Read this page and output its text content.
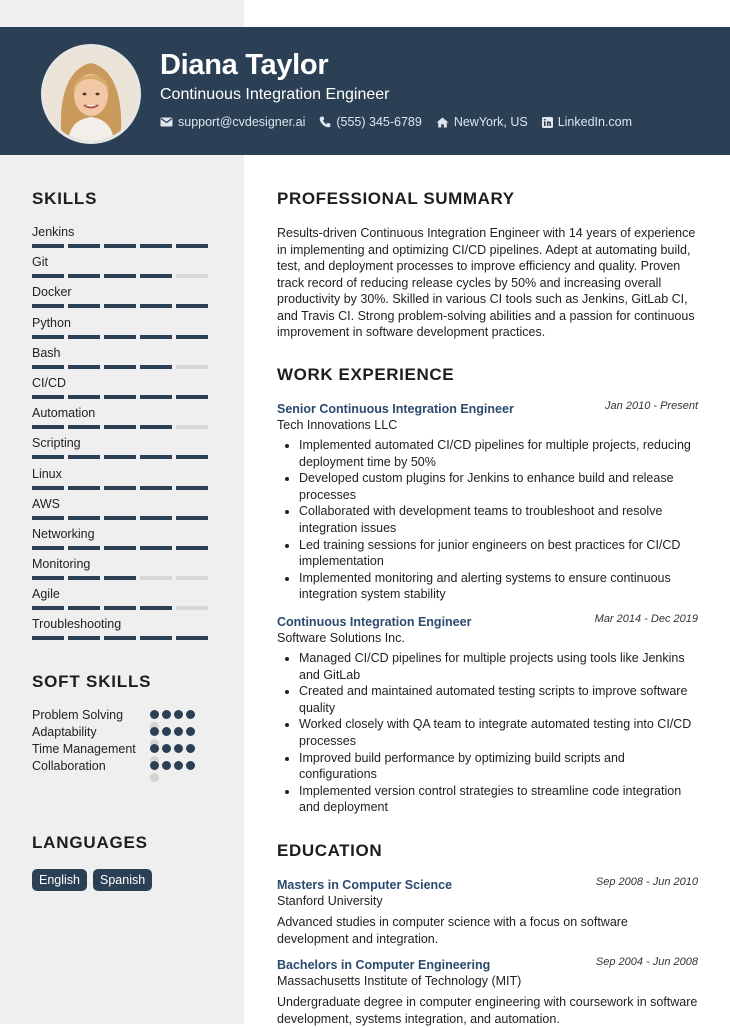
Diana Taylor
Continuous Integration Engineer
support@cvdesigner.ai (555) 345-6789	NewYork, US LinkedIn.com
SKILLS
Jenkins
Git
Docker
Python
Bash
CI/CD
Automation
Scripting
Linux
AWS
Networking
Monitoring
Agile
Troubleshooting
SOFT SKILLS
Problem Solving
Adaptability
Time Management
Collaboration
LANGUAGES
English	Spanish
PROFESSIONAL SUMMARY
Results-driven Continuous Integration Engineer with 14 years of experience in implementing and optimizing CI/CD pipelines. Adept at automating build, test, and deployment processes to improve efficiency and quality. Proven track record of reducing release cycles by 50% and increasing overall productivity by 30%. Skilled in various CI tools such as Jenkins, GitLab CI, and Travis CI. Strong problem-solving abilities and a passion for continuous improvement in software development practices.
WORK EXPERIENCE
Senior Continuous Integration Engineer	Jan 2010 - Present
Tech Innovations LLC
• Implemented automated CI/CD pipelines for multiple projects, reducing deployment time by 50%
• Developed custom plugins for Jenkins to enhance build and release processes
• Collaborated with development teams to troubleshoot and resolve integration issues
• Led training sessions for junior engineers on best practices for CI/CD implementation
• Implemented monitoring and alerting systems to ensure continuous integration system stability
Continuous Integration Engineer	Mar 2014 - Dec 2019
Software Solutions Inc.
• Managed CI/CD pipelines for multiple projects using tools like Jenkins and GitLab
• Created and maintained automated testing scripts to improve software quality
• Worked closely with QA team to integrate automated testing into CI/CD processes
• Improved build performance by optimizing build scripts and configurations
• Implemented version control strategies to streamline code integration and deployment
EDUCATION
Masters in Computer Science	Sep 2008 - Jun 2010
Stanford University
Advanced studies in computer science with a focus on software development and integration.
Bachelors in Computer Engineering	Sep 2004 - Jun 2008
Massachusetts Institute of Technology (MIT)
Undergraduate degree in computer engineering with coursework in software development, systems integration, and automation.
